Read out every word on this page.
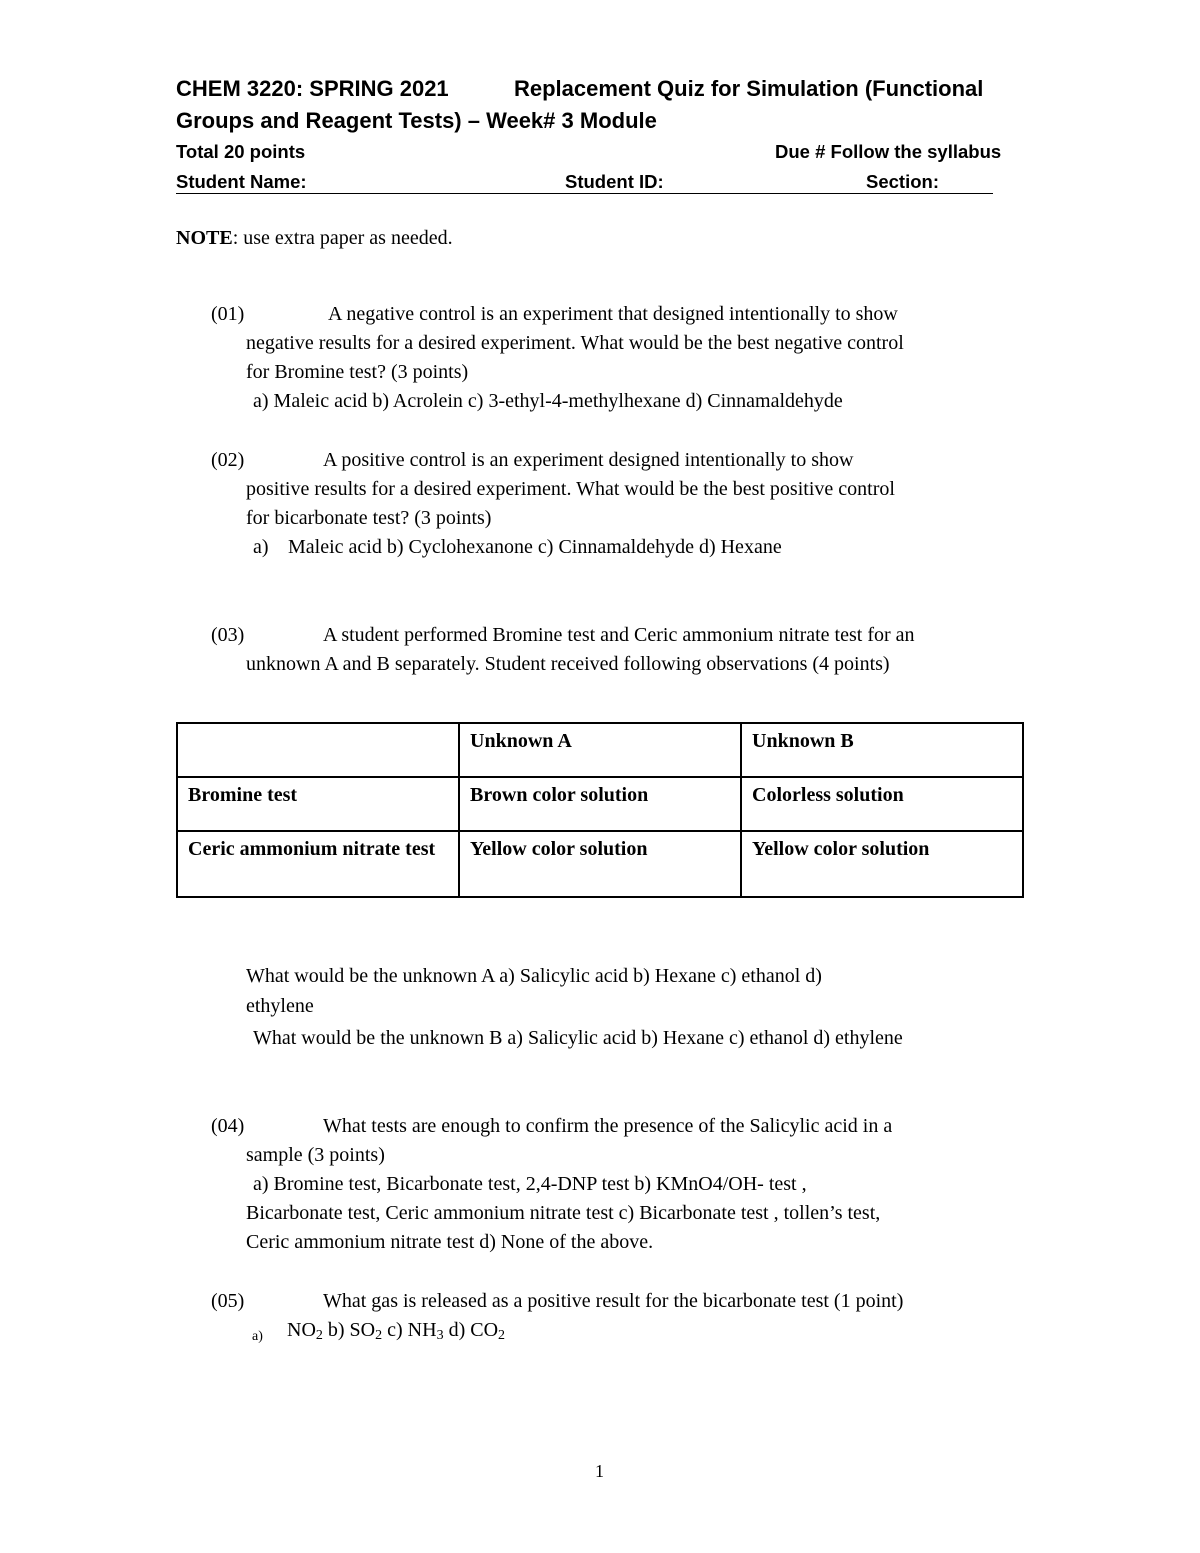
CHEM 3220: SPRING 2021	Replacement Quiz for Simulation (Functional
Groups and Reagent Tests) – Week# 3 Module
Total 20 points	Due # Follow the syllabus
Student Name:	Student ID:	Section:
NOTE: use extra paper as needed.
(01)	A negative control is an experiment that designed intentionally to show
negative results for a desired experiment. What would be the best negative control
for Bromine test? (3 points)
a) Maleic acid b) Acrolein c) 3-ethyl-4-methylhexane d) Cinnamaldehyde
(02)	A positive control is an experiment designed intentionally to show
positive results for a desired experiment. What would be the best positive control
for bicarbonate test? (3 points)
a) Maleic acid b) Cyclohexanone c) Cinnamaldehyde d) Hexane
(03)	A student performed Bromine test and Ceric ammonium nitrate test for an
unknown A and B separately. Student received following observations (4 points)
	Unknown A	Unknown B
Bromine test	Brown color solution	Colorless solution
Ceric ammonium nitrate test	Yellow color solution	Yellow color solution
What would be the unknown A a) Salicylic acid b) Hexane c) ethanol d)
ethylene
What would be the unknown B a) Salicylic acid b) Hexane c) ethanol d) ethylene
(04)	What tests are enough to confirm the presence of the Salicylic acid in a
sample (3 points)
a) Bromine test, Bicarbonate test, 2,4-DNP test b) KMnO4/OH- test ,
Bicarbonate test, Ceric ammonium nitrate test c) Bicarbonate test , tollen’s test,
Ceric ammonium nitrate test d) None of the above.
(05)	What gas is released as a positive result for the bicarbonate test (1 point)
a) $NO_2$ b) $SO_2$ c) $NH_3$ d) $CO_2$
1
